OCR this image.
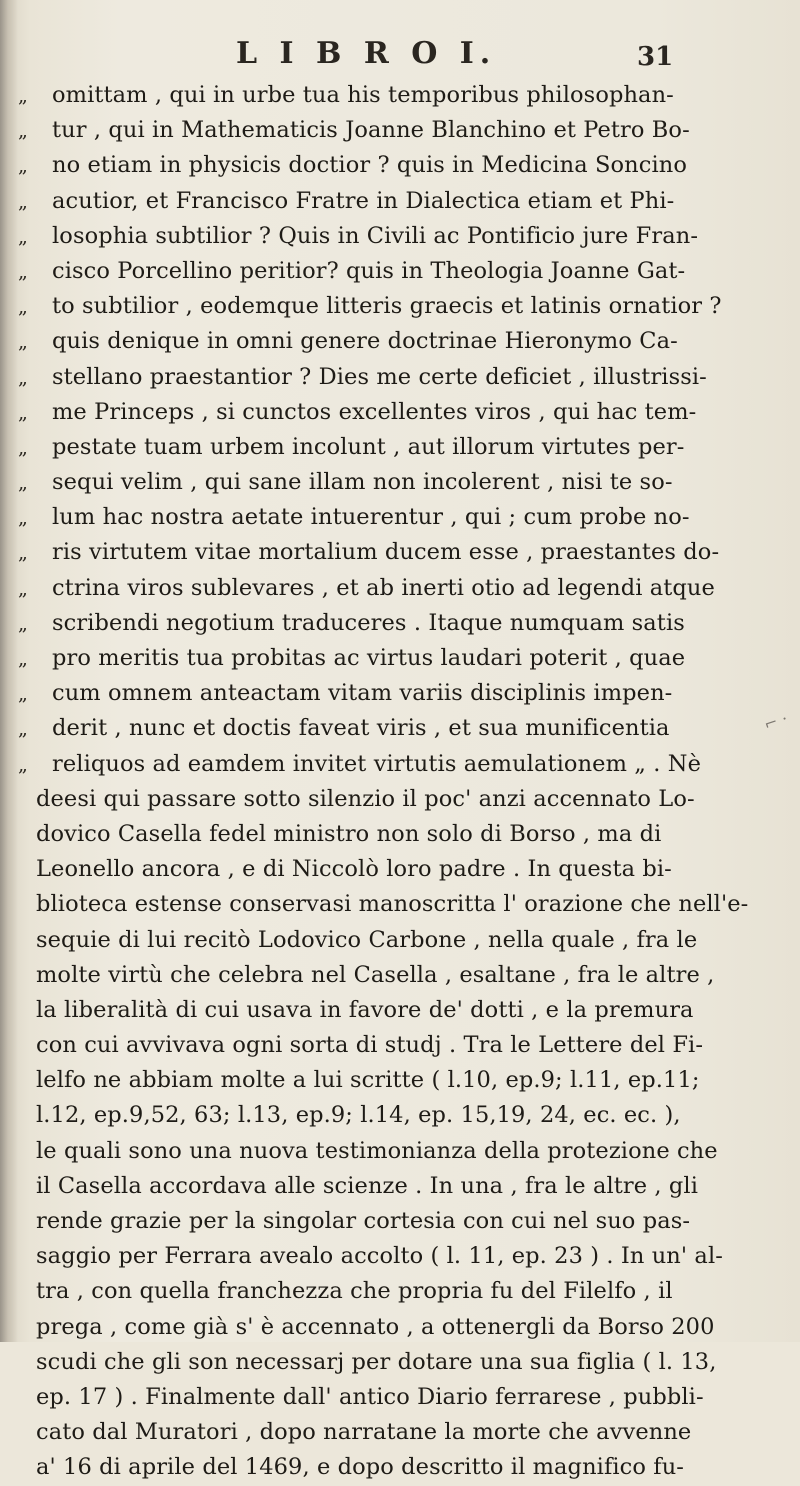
L I B R O I.	31
„ omittam , qui in urbe tua his temporibus philosophan-
„ tur , qui in Mathematicis Joanne Blanchino et Petro Bo-
„ no etiam in physicis doctior ? quis in Medicina Soncino
„ acutior, et Francisco Fratre in Dialectica etiam et Phi-
„ losophia subtilior ? Quis in Civili ac Pontificio jure Fran-
„ cisco Porcellino peritior? quis in Theologia Joanne Gat-
„ to subtilior , eodemque litteris graecis et latinis ornatior ?
„ quis denique in omni genere doctrinae Hieronymo Ca-
„ stellano praestantior ? Dies me certe deficiet , illustrissi-
„ me Princeps , si cunctos excellentes viros , qui hac tem-
„ pestate tuam urbem incolunt , aut illorum virtutes per-
„ sequi velim , qui sane illam non incolerent , nisi te so-
„ lum hac nostra aetate intuerentur , qui ; cum probe no-
„ ris virtutem vitae mortalium ducem esse , praestantes do-
„ ctrina viros sublevares , et ab inerti otio ad legendi atque
„ scribendi negotium traduceres . Itaque numquam satis
„ pro meritis tua probitas ac virtus laudari poterit , quae
„ cum omnem anteactam vitam variis disciplinis impen-
„ derit , nunc et doctis faveat viris , et sua munificentia
„ reliquos ad eamdem invitet virtutis aemulationem „ . Nè
deesi qui passare sotto silenzio il poc' anzi accennato Lo-
dovico Casella fedel ministro non solo di Borso , ma di
Leonello ancora , e di Niccolò loro padre . In questa bi-
blioteca estense conservasi manoscritta l' orazione che nell'e-
sequie di lui recitò Lodovico Carbone , nella quale , fra le
molte virtù che celebra nel Casella , esaltane , fra le altre ,
la liberalità di cui usava in favore de' dotti , e la premura
con cui avvivava ogni sorta di studj . Tra le Lettere del Fi-
lelfo ne abbiam molte a lui scritte ( l.10, ep.9; l.11, ep.11;
l.12, ep.9,52, 63; l.13, ep.9; l.14, ep. 15,19, 24, ec. ec. ),
le quali sono una nuova testimonianza della protezione che
il Casella accordava alle scienze . In una , fra le altre , gli
rende grazie per la singolar cortesia con cui nel suo pas-
saggio per Ferrara avealo accolto ( l. 11, ep. 23 ) . In un' al-
tra , con quella franchezza che propria fu del Filelfo , il
prega , come già s' è accennato , a ottenergli da Borso 200
scudi che gli son necessarj per dotare una sua figlia ( l. 13,
ep. 17 ) . Finalmente dall' antico Diario ferrarese , pubbli-
cato dal Muratori , dopo narratane la morte che avvenne
a' 16 di aprile del 1469, e dopo descritto il magnifico fu-
⌐ ·
